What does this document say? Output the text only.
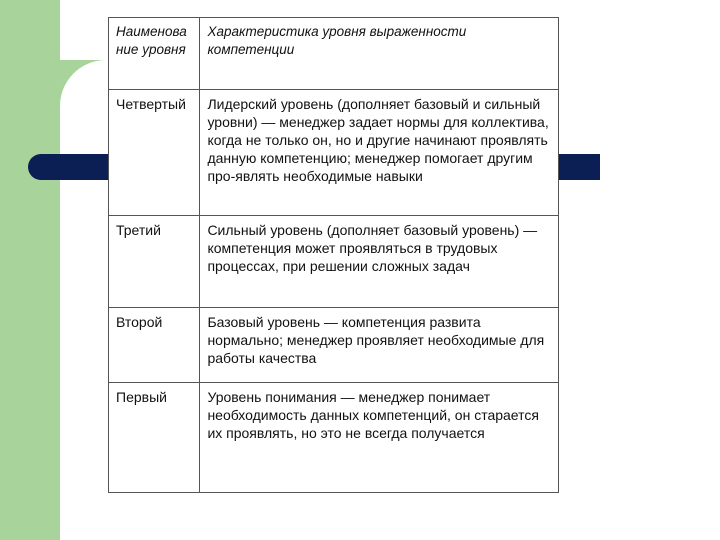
Наименование уровня	Характеристика уровня выраженности компетенции
Четвертый	Лидерский уровень (дополняет базовый и сильный уровни) — менеджер задает нормы для коллектива, когда не только он, но и другие начинают проявлять данную компетенцию; менеджер помогает другим про-являть необходимые навыки
Третий	Сильный уровень (дополняет базовый уровень) — компетенция может проявляться в трудовых процессах, при решении сложных задач
Второй	Базовый уровень — компетенция развита нормально; менеджер проявляет необходимые для работы качества
Первый	Уровень понимания — менеджер понимает необходимость данных компетенций, он старается их проявлять, но это не всегда получается
